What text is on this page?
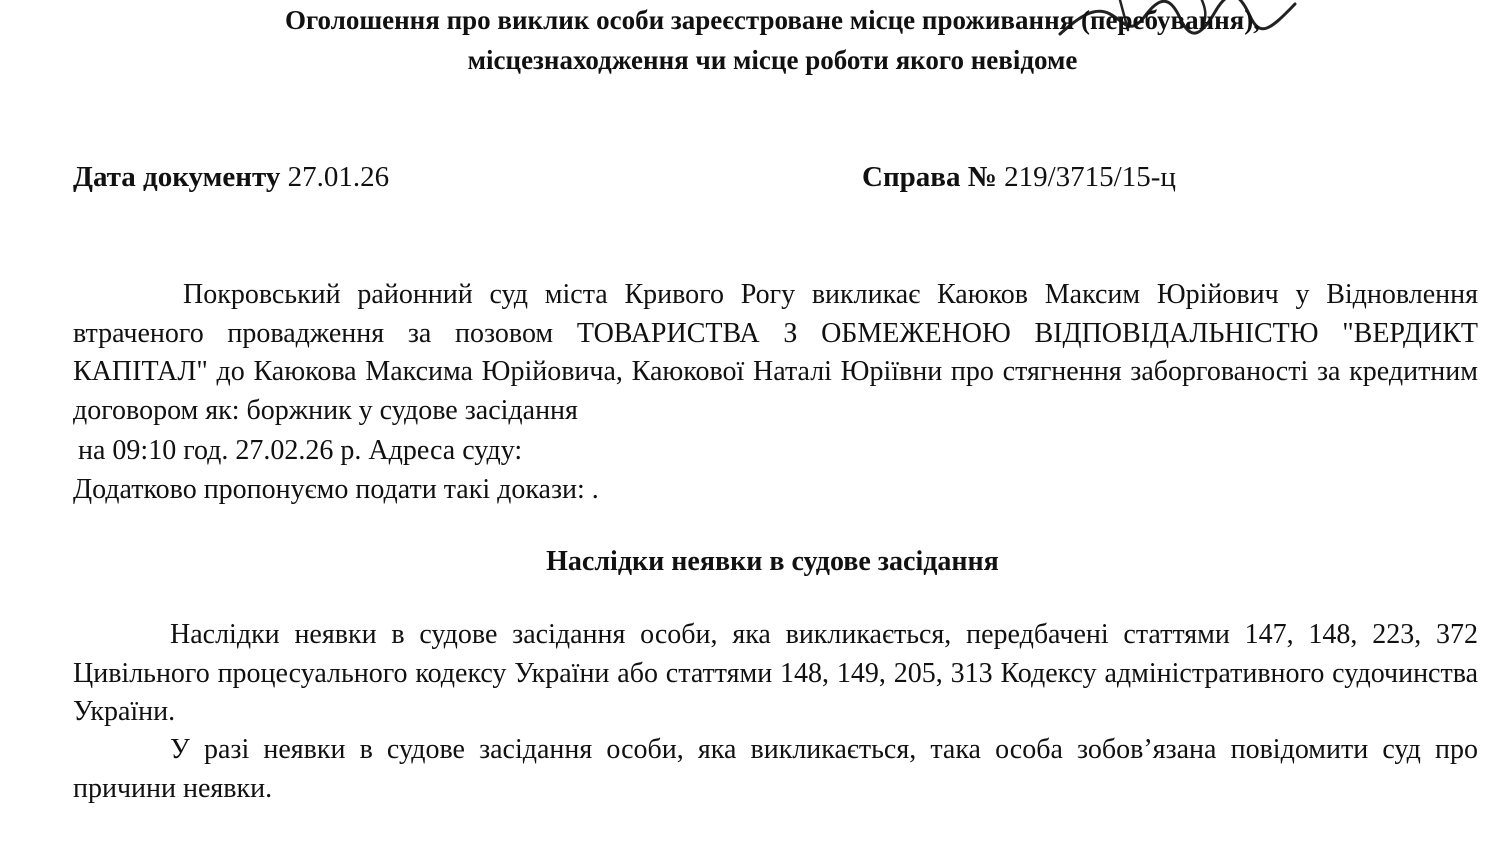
Оголошення про виклик особи зареєстроване місце проживання (перебування),
місцезнаходження чи місце роботи якого невідоме
Дата документу 27.01.26	Справа № 219/3715/15-ц
Покровський районний суд міста Кривого Рогу викликає Каюков Максим Юрійович у Відновлення втраченого провадження за позовом ТОВАРИСТВА З ОБМЕЖЕНОЮ ВІДПОВІДАЛЬНІСТЮ "ВЕРДИКТ КАПІТАЛ" до Каюкова Максима Юрійовича, Каюкової Наталі Юріївни про стягнення заборгованості за кредитним договором як: боржник у судове засідання
на 09:10 год. 27.02.26 р. Адреса суду:
Додатково пропонуємо подати такі докази: .
Наслідки неявки в судове засідання
Наслідки неявки в судове засідання особи, яка викликається, передбачені статтями 147, 148, 223, 372 Цивільного процесуального кодексу України або статтями 148, 149, 205, 313 Кодексу адміністративного судочинства України.
У разі неявки в судове засідання особи, яка викликається, така особа зобов’язана повідомити суд про причини неявки.
